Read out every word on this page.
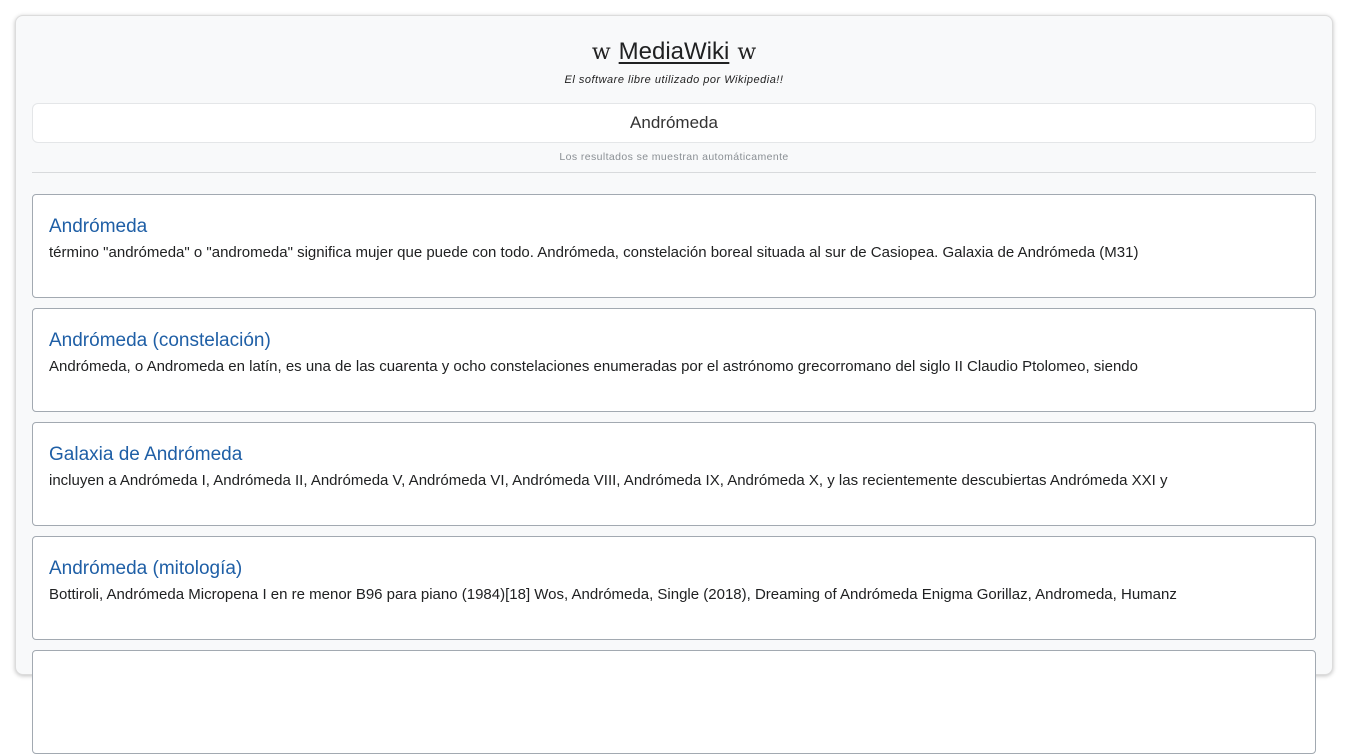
w MediaWiki w
El software libre utilizado por Wikipedia!!
Andrómeda
Los resultados se muestran automáticamente
Andrómeda
término "andrómeda" o "andromeda" significa mujer que puede con todo. Andrómeda, constelación boreal situada al sur de Casiopea. Galaxia de Andrómeda (M31)
Andrómeda (constelación)
Andrómeda, o Andromeda en latín, es una de las cuarenta y ocho constelaciones enumeradas por el astrónomo grecorromano del siglo II Claudio Ptolomeo, siendo
Galaxia de Andrómeda
incluyen a Andrómeda I, Andrómeda II, Andrómeda V, Andrómeda VI, Andrómeda VIII, Andrómeda IX, Andrómeda X, y las recientemente descubiertas Andrómeda XXI y
Andrómeda (mitología)
Bottiroli, Andrómeda Micropena I en re menor B96 para piano (1984)[18] Wos, Andrómeda, Single (2018), Dreaming of Andrómeda Enigma Gorillaz, Andromeda, Humanz
